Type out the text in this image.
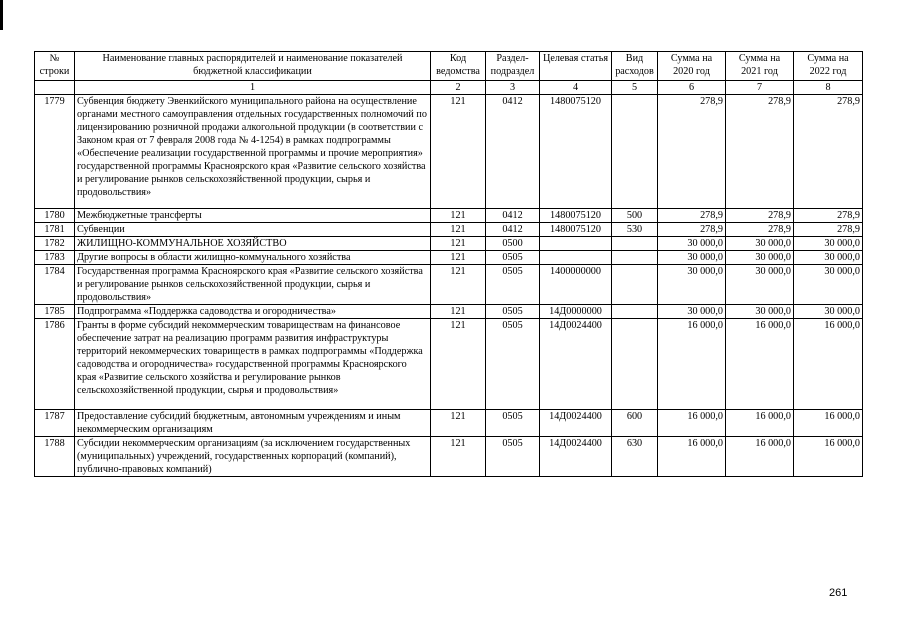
№ строки	Наименование главных распорядителей и наименование показателей бюджетной классификации	Код ведомства	Раздел-подраздел	Целевая статья	Вид расходов	Сумма на 2020 год	Сумма на 2021 год	Сумма на 2022 год
	1	2	3	4	5	6	7	8
1779	Субвенция бюджету Эвенкийского муниципального района на осуществление органами местного самоуправления отдельных государственных полномочий по лицензированию розничной продажи алкогольной продукции (в соответствии с Законом края от 7 февраля 2008 года № 4-1254) в рамках подпрограммы «Обеспечение реализации государственной программы и прочие мероприятия» государственной программы Красноярского края «Развитие сельского хозяйства и регулирование рынков сельскохозяйственной продукции, сырья и продовольствия»	121	0412	1480075120		278,9	278,9	278,9
1780	Межбюджетные трансферты	121	0412	1480075120	500	278,9	278,9	278,9
1781	Субвенции	121	0412	1480075120	530	278,9	278,9	278,9
1782	ЖИЛИЩНО-КОММУНАЛЬНОЕ ХОЗЯЙСТВО	121	0500			30 000,0	30 000,0	30 000,0
1783	Другие вопросы в области жилищно-коммунального хозяйства	121	0505			30 000,0	30 000,0	30 000,0
1784	Государственная программа Красноярского края «Развитие сельского хозяйства и регулирование рынков сельскохозяйственной продукции, сырья и продовольствия»	121	0505	1400000000		30 000,0	30 000,0	30 000,0
1785	Подпрограмма «Поддержка садоводства и огородничества»	121	0505	14Д0000000		30 000,0	30 000,0	30 000,0
1786	Гранты в форме субсидий некоммерческим товариществам на финансовое обеспечение затрат на реализацию программ развития инфраструктуры территорий некоммерческих товариществ в рамках подпрограммы «Поддержка садоводства и огородничества» государственной программы Красноярского края «Развитие сельского хозяйства и регулирование рынков сельскохозяйственной продукции, сырья и продовольствия»	121	0505	14Д0024400		16 000,0	16 000,0	16 000,0
1787	Предоставление субсидий бюджетным, автономным учреждениям и иным некоммерческим организациям	121	0505	14Д0024400	600	16 000,0	16 000,0	16 000,0
1788	Субсидии некоммерческим организациям (за исключением государственных (муниципальных) учреждений, государственных корпораций (компаний), публично-правовых компаний)	121	0505	14Д0024400	630	16 000,0	16 000,0	16 000,0
261
